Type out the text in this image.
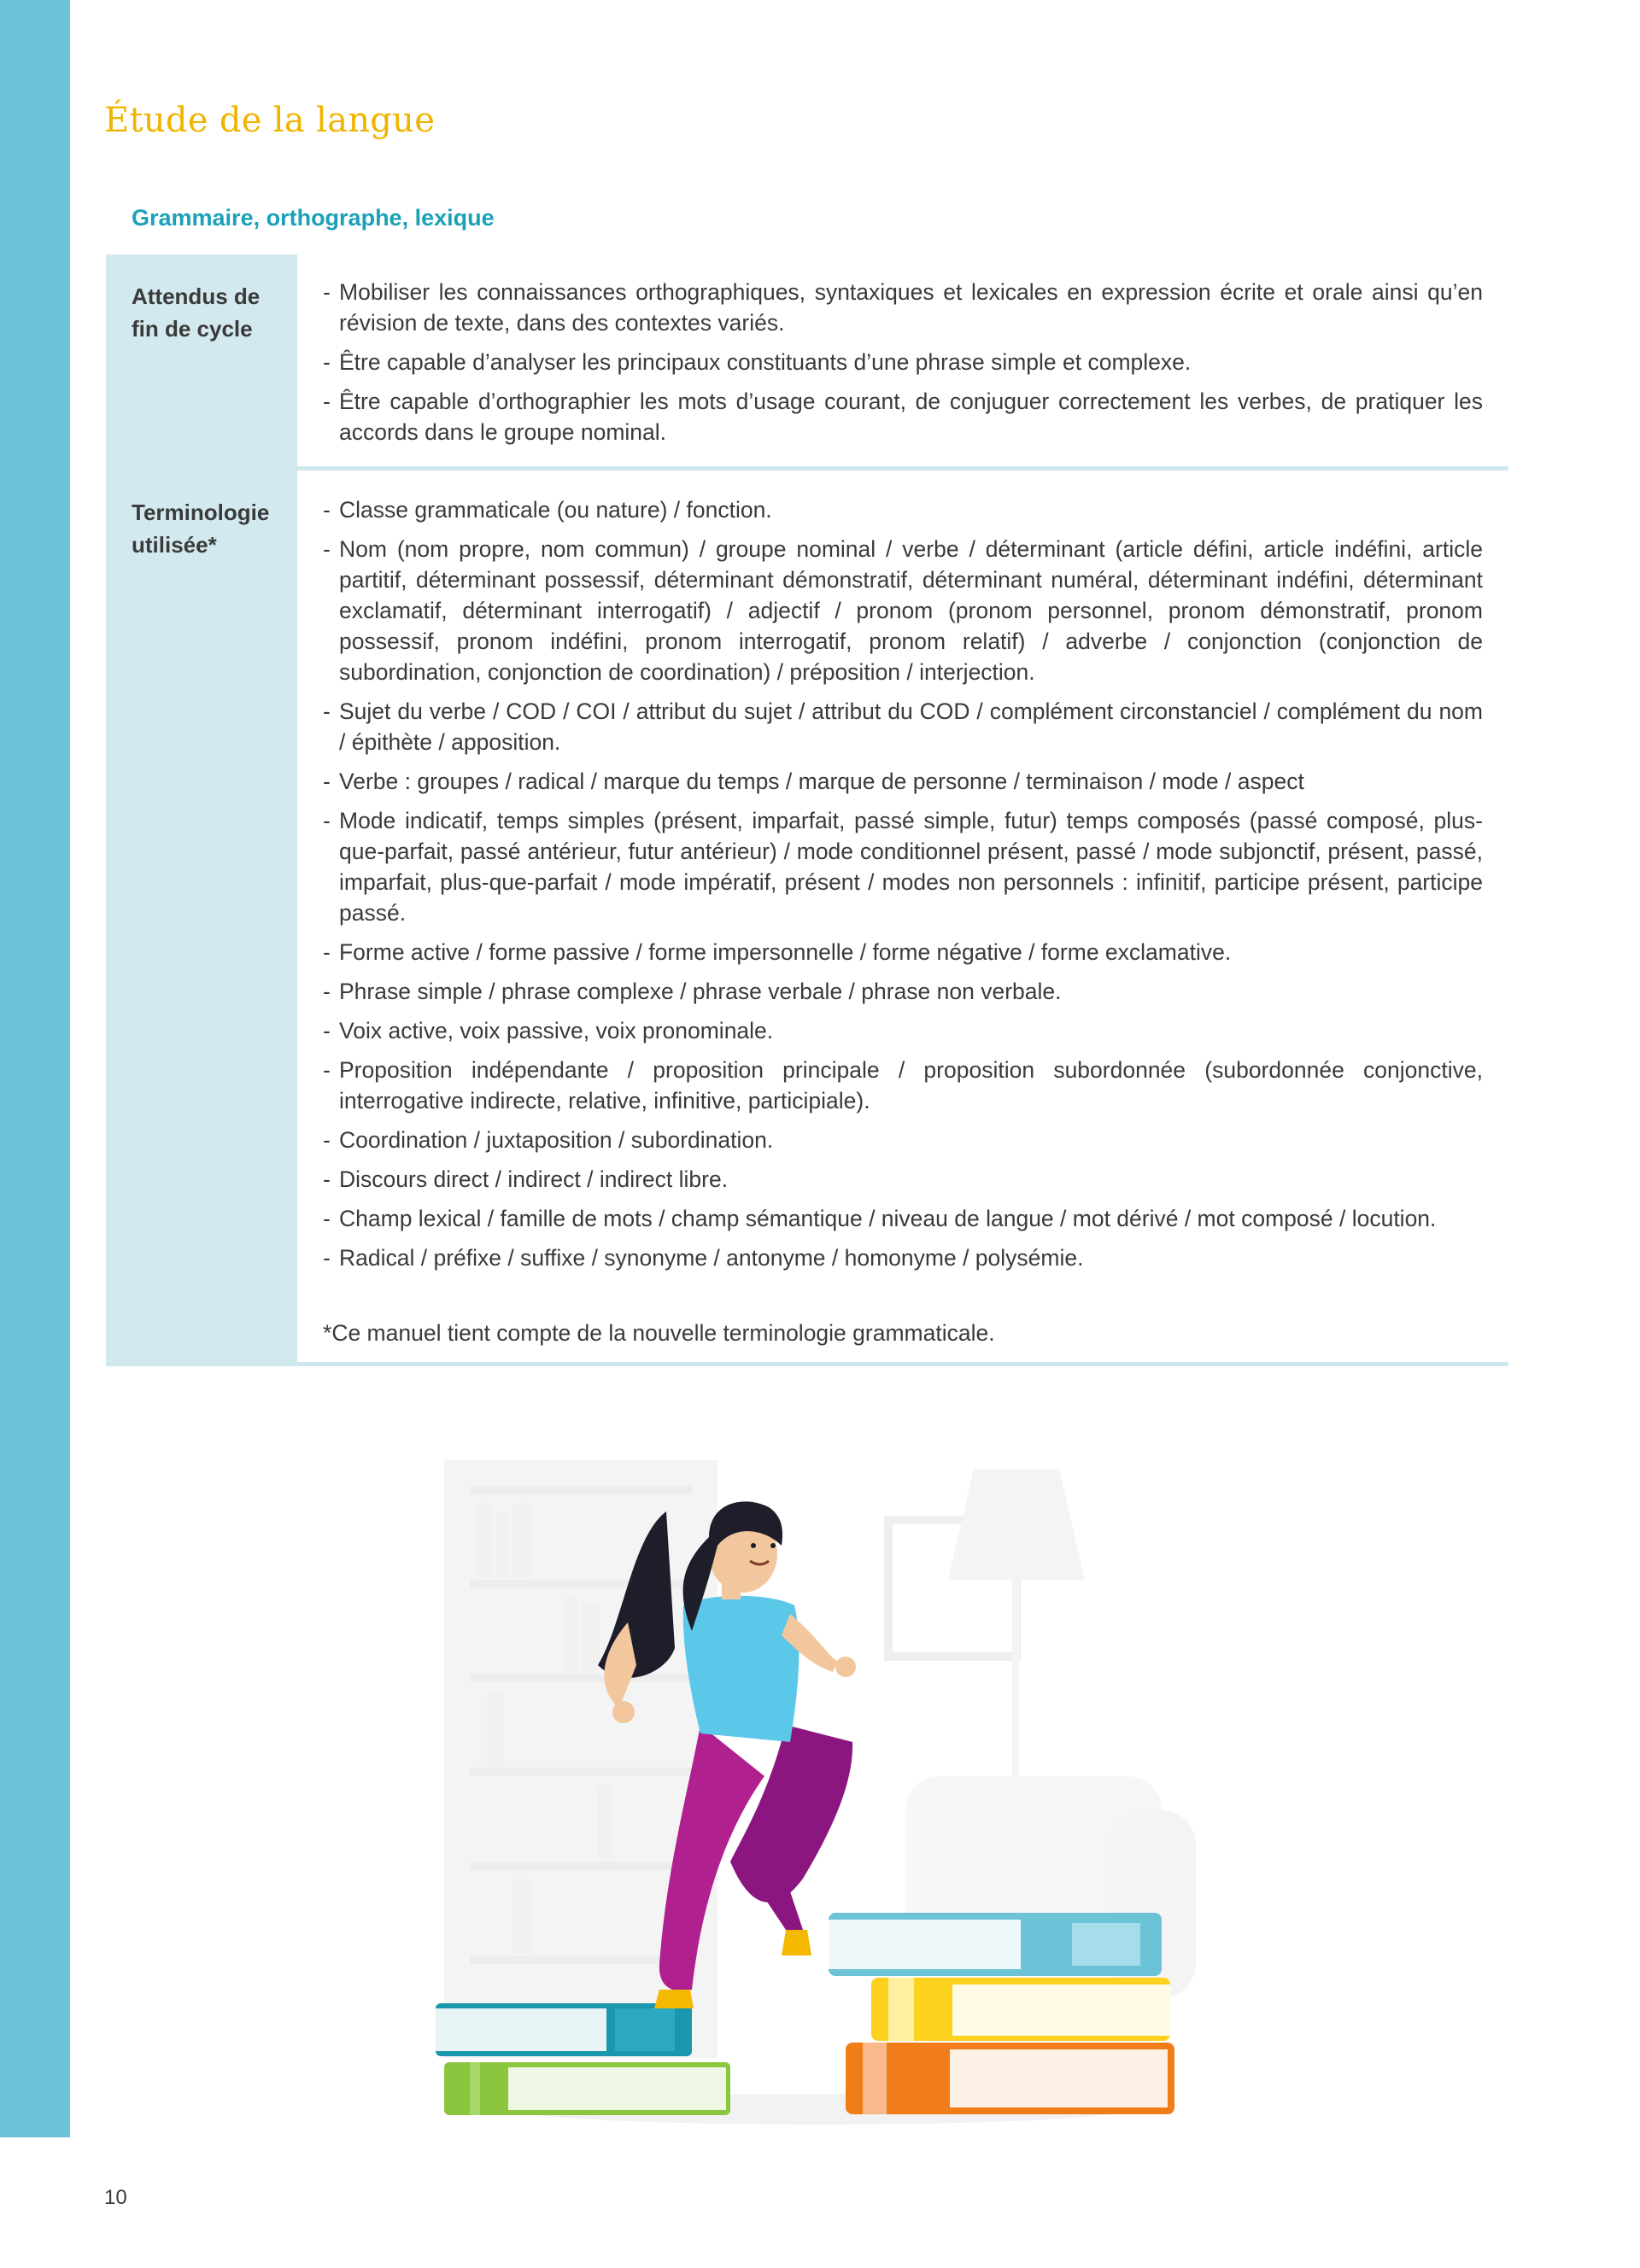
Étude de la langue
Grammaire, orthographe, lexique
Attendus de fin de cycle
- Mobiliser les connaissances orthographiques, syntaxiques et lexicales en expression écrite et orale ainsi qu’en révision de texte, dans des contextes variés.
- Être capable d’analyser les principaux constituants d’une phrase simple et complexe.
- Être capable d’orthographier les mots d’usage courant, de conjuguer correctement les verbes, de pratiquer les accords dans le groupe nominal.
Terminologie utilisée*
- Classe grammaticale (ou nature) / fonction.
- Nom (nom propre, nom commun) / groupe nominal / verbe / déterminant (article défini, article indéfini, article partitif, déterminant possessif, déterminant démonstratif, déterminant numéral, déterminant indéfini, déterminant exclamatif, déterminant interrogatif) / adjectif / pronom (pronom personnel, pronom démonstratif, pronom possessif, pronom indéfini, pronom interrogatif, pronom relatif) / adverbe / conjonction (conjonction de subordination, conjonction de coordination) / préposition / interjection.
- Sujet du verbe / COD / COI / attribut du sujet / attribut du COD / complément circonstanciel / complément du nom / épithète / apposition.
- Verbe : groupes / radical / marque du temps / marque de personne / terminaison / mode / aspect
- Mode indicatif, temps simples (présent, imparfait, passé simple, futur) temps composés (passé composé, plus-que-parfait, passé antérieur, futur antérieur) / mode conditionnel présent, passé / mode subjonctif, présent, passé, imparfait, plus-que-parfait / mode impératif, présent / modes non personnels : infinitif, participe présent, participe passé.
- Forme active / forme passive / forme impersonnelle / forme négative / forme exclamative.
- Phrase simple / phrase complexe / phrase verbale / phrase non verbale.
- Voix active, voix passive, voix pronominale.
- Proposition indépendante / proposition principale / proposition subordonnée (subordonnée conjonctive, interrogative indirecte, relative, infinitive, participiale).
- Coordination / juxtaposition / subordination.
- Discours direct / indirect / indirect libre.
- Champ lexical / famille de mots / champ sémantique / niveau de langue / mot dérivé / mot composé / locution.
- Radical / préfixe / suffixe / synonyme / antonyme / homonyme / polysémie.

*Ce manuel tient compte de la nouvelle terminologie grammaticale.

10
